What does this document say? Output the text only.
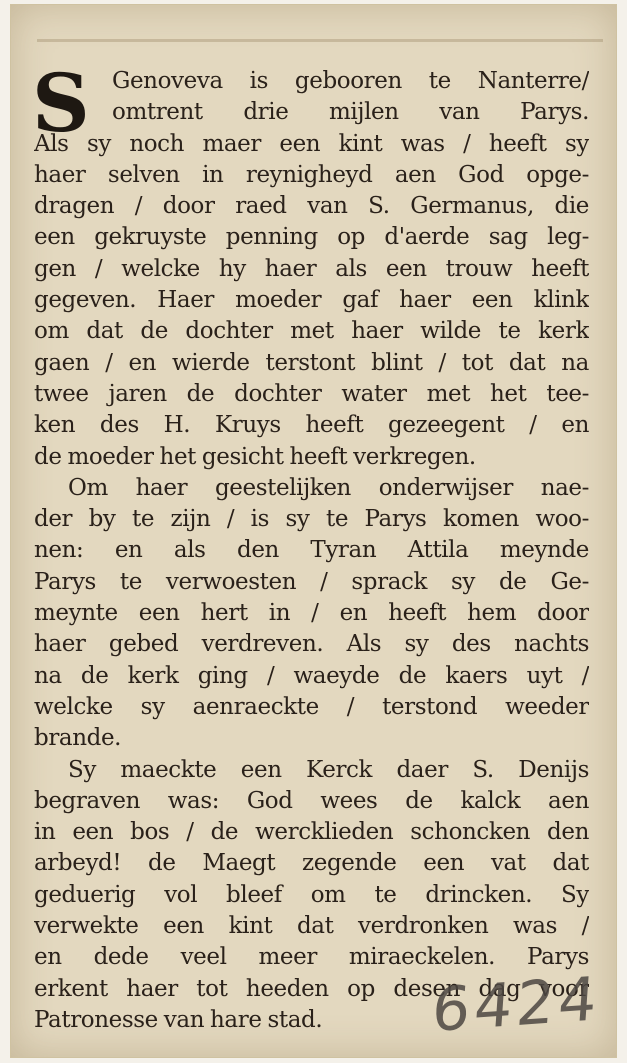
S Genoveva is gebooren te Nanterre/
omtrent drie mijlen van Parys.
Als sy noch maer een kint was / heeft sy
haer selven in reynigheyd aen God opge-
dragen / door raed van S. Germanus, die
een gekruyste penning op d'aerde sag leg-
gen / welcke hy haer als een trouw heeft
gegeven. Haer moeder gaf haer een klink
om dat de dochter met haer wilde te kerk
gaen / en wierde terstont blint / tot dat na
twee jaren de dochter water met het tee-
ken des H. Kruys heeft gezeegent / en
de moeder het gesicht heeft verkregen.
Om haer geestelijken onderwijser nae-
der by te zijn / is sy te Parys komen woo-
nen: en als den Tyran Attila meynde
Parys te verwoesten / sprack sy de Ge-
meynte een hert in / en heeft hem door
haer gebed verdreven. Als sy des nachts
na de kerk ging / waeyde de kaers uyt /
welcke sy aenraeckte / terstond weeder
brande.
Sy maeckte een Kerck daer S. Denijs
begraven was: God wees de kalck aen
in een bos / de wercklieden schoncken den
arbeyd! de Maegt zegende een vat dat
geduerig vol bleef om te drincken. Sy
verwekte een kint dat verdronken was /
en dede veel meer miraeckelen. Parys
erkent haer tot heeden op desen dag voor
Patronesse van hare stad.	6424
